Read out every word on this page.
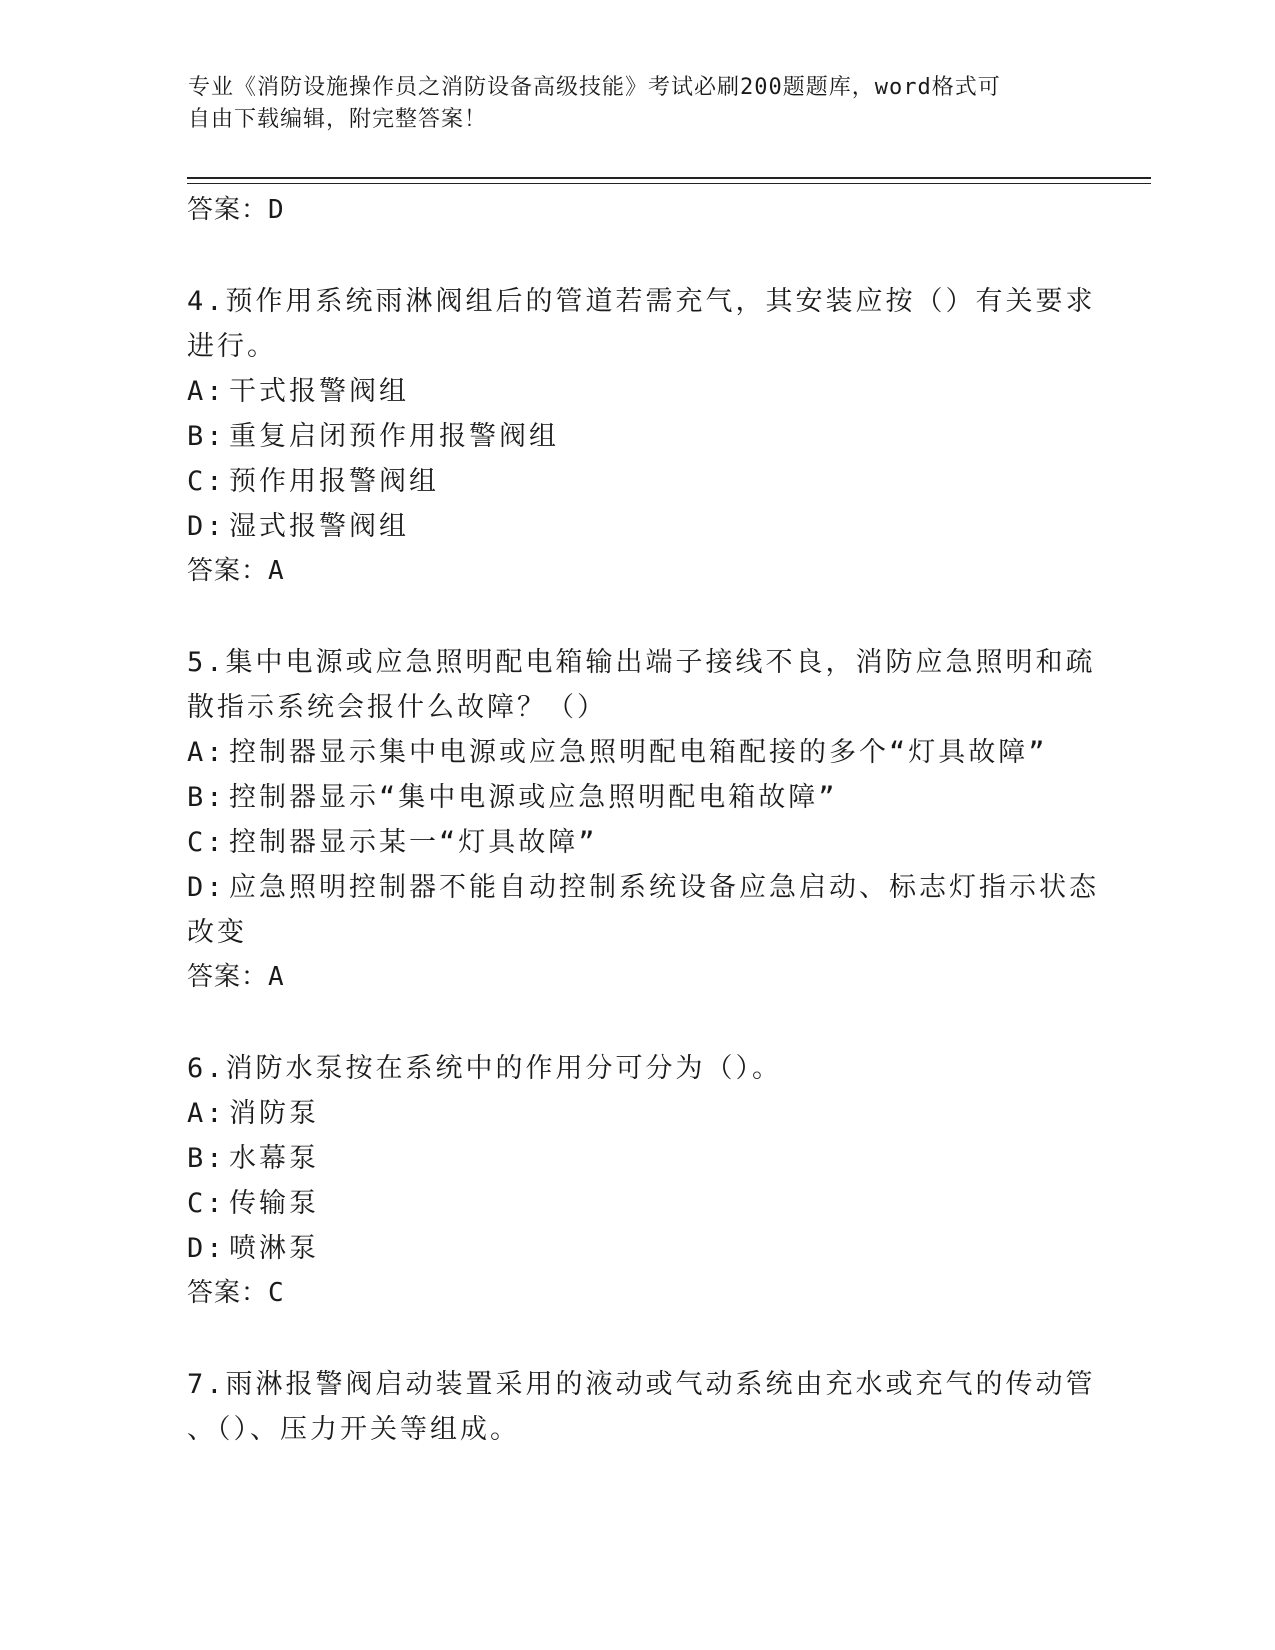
专业《消防设施操作员之消防设备高级技能》考试必刷200题题库，word格式可
自由下载编辑，附完整答案！
答案：D
4.预作用系统雨淋阀组后的管道若需充气，其安装应按（）有关要求
进行。
A: 干式报警阀组
B: 重复启闭预作用报警阀组
C: 预作用报警阀组
D: 湿式报警阀组
答案：A
5.集中电源或应急照明配电箱输出端子接线不良，消防应急照明和疏
散指示系统会报什么故障？（）
A: 控制器显示集中电源或应急照明配电箱配接的多个“灯具故障”
B: 控制器显示“集中电源或应急照明配电箱故障”
C: 控制器显示某一“灯具故障”
D: 应急照明控制器不能自动控制系统设备应急启动、标志灯指示状态
改变
答案：A
6.消防水泵按在系统中的作用分可分为（）。
A: 消防泵
B: 水幕泵
C: 传输泵
D: 喷淋泵
答案：C
7.雨淋报警阀启动装置采用的液动或气动系统由充水或充气的传动管
、（）、压力开关等组成。
